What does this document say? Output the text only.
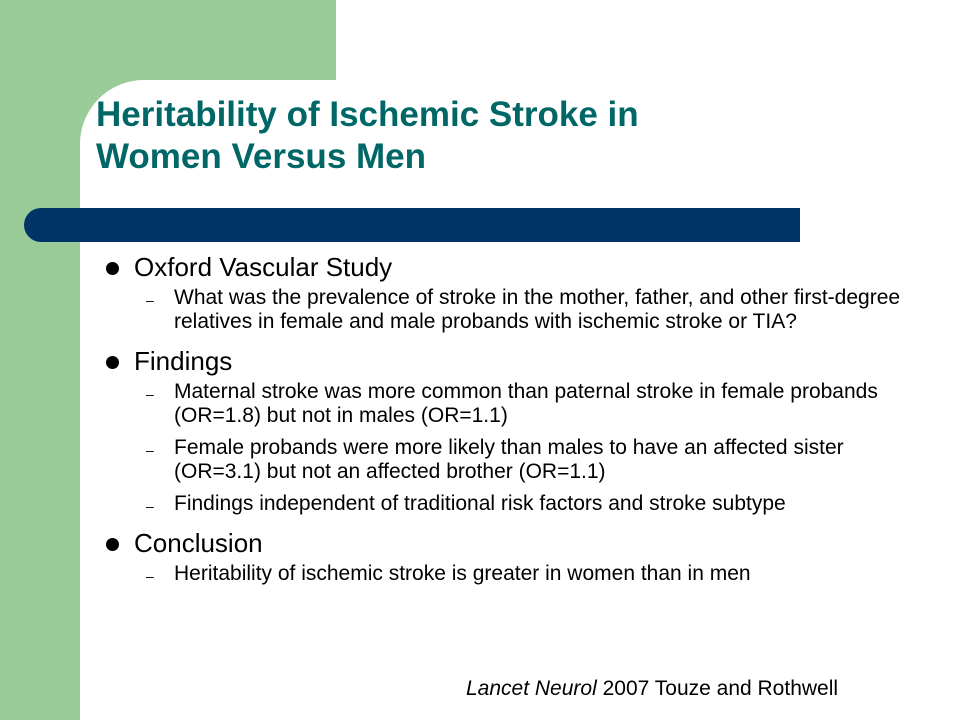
Heritability of Ischemic Stroke in
Women Versus Men
Oxford Vascular Study
– What was the prevalence of stroke in the mother, father, and other first-degree relatives in female and male probands with ischemic stroke or TIA?
Findings
– Maternal stroke was more common than paternal stroke in female probands (OR=1.8) but not in males (OR=1.1)
– Female probands were more likely than males to have an affected sister (OR=3.1) but not an affected brother (OR=1.1)
– Findings independent of traditional risk factors and stroke subtype
Conclusion
– Heritability of ischemic stroke is greater in women than in men
Lancet Neurol 2007 Touze and Rothwell
